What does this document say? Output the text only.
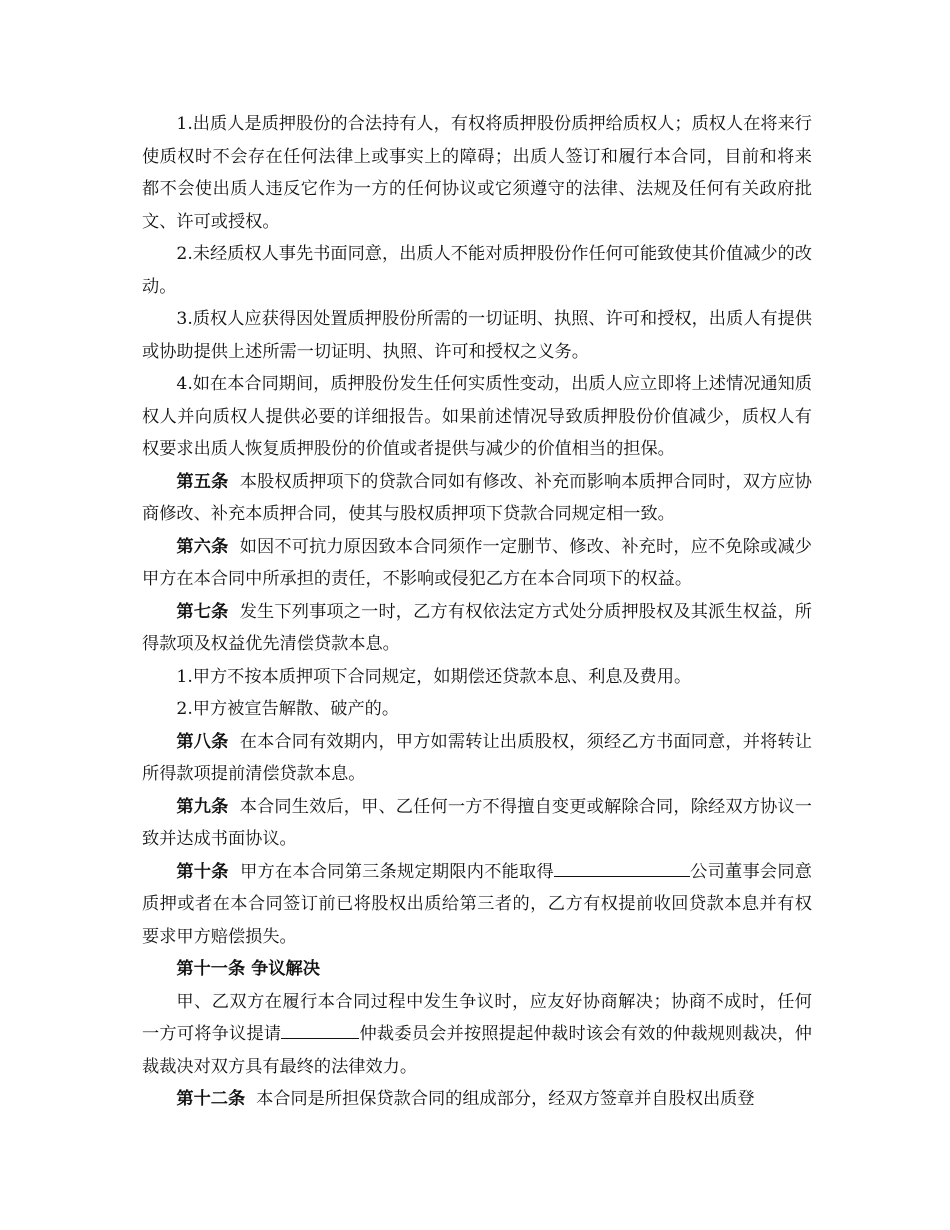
1.出质人是质押股份的合法持有人，有权将质押股份质押给质权人；质权人在将来行使质权时不会存在任何法律上或事实上的障碍；出质人签订和履行本合同，目前和将来都不会使出质人违反它作为一方的任何协议或它须遵守的法律、法规及任何有关政府批文、许可或授权。

2.未经质权人事先书面同意，出质人不能对质押股份作任何可能致使其价值减少的改动。

3.质权人应获得因处置质押股份所需的一切证明、执照、许可和授权，出质人有提供或协助提供上述所需一切证明、执照、许可和授权之义务。

4.如在本合同期间，质押股份发生任何实质性变动，出质人应立即将上述情况通知质权人并向质权人提供必要的详细报告。如果前述情况导致质押股份价值减少，质权人有权要求出质人恢复质押股份的价值或者提供与减少的价值相当的担保。

第五条 本股权质押项下的贷款合同如有修改、补充而影响本质押合同时，双方应协商修改、补充本质押合同，使其与股权质押项下贷款合同规定相一致。

第六条 如因不可抗力原因致本合同须作一定删节、修改、补充时，应不免除或减少甲方在本合同中所承担的责任，不影响或侵犯乙方在本合同项下的权益。

第七条 发生下列事项之一时，乙方有权依法定方式处分质押股权及其派生权益，所得款项及权益优先清偿贷款本息。

1.甲方不按本质押项下合同规定，如期偿还贷款本息、利息及费用。

2.甲方被宣告解散、破产的。

第八条 在本合同有效期内，甲方如需转让出质股权，须经乙方书面同意，并将转让所得款项提前清偿贷款本息。

第九条 本合同生效后，甲、乙任何一方不得擅自变更或解除合同，除经双方协议一致并达成书面协议。

第十条 甲方在本合同第三条规定期限内不能取得	公司董事会同意质押或者在本合同签订前已将股权出质给第三者的，乙方有权提前收回贷款本息并有权要求甲方赔偿损失。

第十一条 争议解决

甲、乙双方在履行本合同过程中发生争议时，应友好协商解决；协商不成时，任何一方可将争议提请	仲裁委员会并按照提起仲裁时该会有效的仲裁规则裁决，仲裁裁决对双方具有最终的法律效力。

第十二条 本合同是所担保贷款合同的组成部分，经双方签章并自股权出质登
